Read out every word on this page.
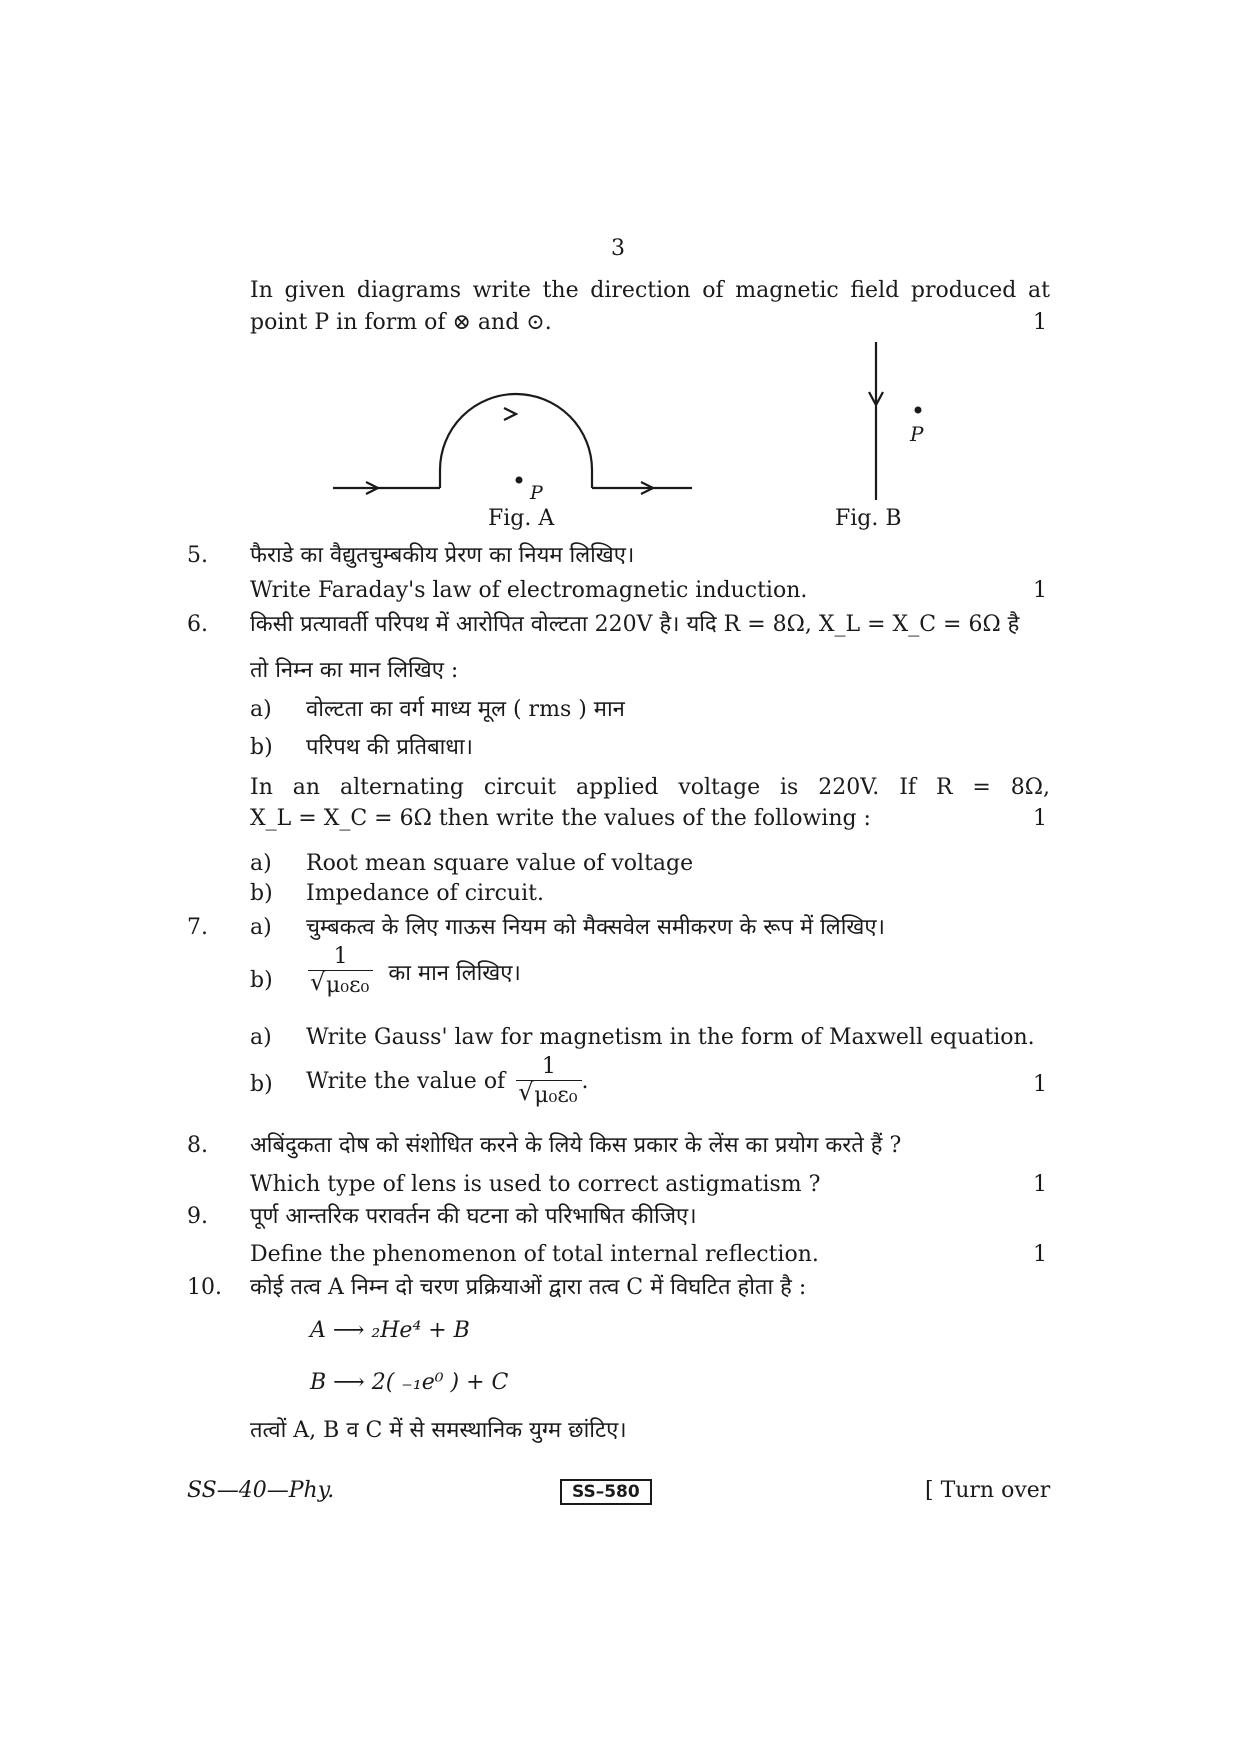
3
In given diagrams write the direction of magnetic field produced at
point P in form of ⊗ and ⊙.	1
P
P
Fig. A	Fig. B
5. फैराडे का वैद्युतचुम्बकीय प्रेरण का नियम लिखिए।
Write Faraday's law of electromagnetic induction.	1
6. किसी प्रत्यावर्ती परिपथ में आरोपित वोल्टता 220V है। यदि R = 8Ω, X_L = X_C = 6Ω है
तो निम्न का मान लिखिए :
a) वोल्टता का वर्ग माध्य मूल ( rms ) मान
b) परिपथ की प्रतिबाधा।
In an alternating circuit applied voltage is 220V. If R = 8Ω,
X_L = X_C = 6Ω then write the values of the following :	1
a) Root mean square value of voltage
b) Impedance of circuit.
7. a) चुम्बकत्व के लिए गाऊस नियम को मैक्सवेल समीकरण के रूप में लिखिए।
$b) \frac{1}{\text{√ μ₀ε₀}}$ का मान लिखिए।
a) Write Gauss' law for magnetism in the form of Maxwell equation.
b) Write the value of $\frac{1}{\text{√ μ₀ε₀}}$ .	1
8. अबिंदुकता दोष को संशोधित करने के लिये किस प्रकार के लेंस का प्रयोग करते हैं ?
Which type of lens is used to correct astigmatism ?	1
9. पूर्ण आन्तरिक परावर्तन की घटना को परिभाषित कीजिए।
Define the phenomenon of total internal reflection.	1
10. कोई तत्व A निम्न दो चरण प्रक्रियाओं द्वारा तत्व C में विघटित होता है :
A ⟶ ₂He⁴ + B
B ⟶ 2( ₋₁e⁰ ) + C
तत्वों A, B व C में से समस्थानिक युग्म छांटिए।
SS—40—Phy.	SS–580	[ Turn over
